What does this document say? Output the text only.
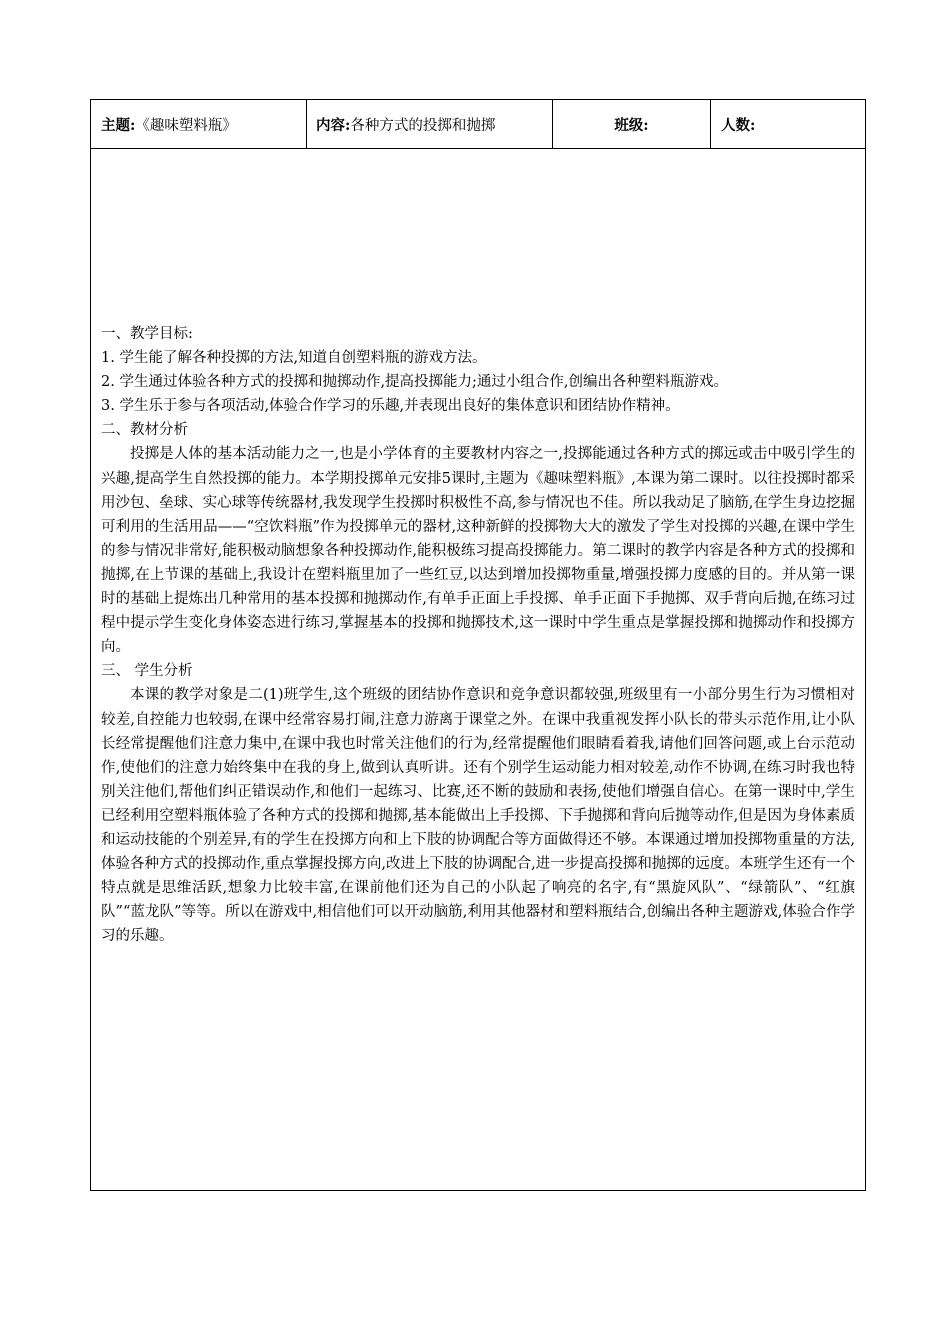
主题: 《趣味塑料瓶》	内容: 各种方式的投掷和抛掷	班级:	人数:

一、教学目标:

1. 学生能了解各种投掷的方法,知道自创塑料瓶的游戏方法。

2. 学生通过体验各种方式的投掷和抛掷动作,提高投掷能力;通过小组合作,创编出各种塑料瓶游戏。

3. 学生乐于参与各项活动,体验合作学习的乐趣,并表现出良好的集体意识和团结协作精神。

二、教材分析

投掷是人体的基本活动能力之一,也是小学体育的主要教材内容之一,投掷能通过各种方式的掷远或击中吸引学生的兴趣,提高学生自然投掷的能力。本学期投掷单元安排5课时,主题为《趣味塑料瓶》,本课为第二课时。以往投掷时都采用沙包、垒球、实心球等传统器材,我发现学生投掷时积极性不高,参与情况也不佳。所以我动足了脑筋,在学生身边挖掘可利用的生活用品——“空饮料瓶”作为投掷单元的器材,这种新鲜的投掷物大大的激发了学生对投掷的兴趣,在课中学生的参与情况非常好,能积极动脑想象各种投掷动作,能积极练习提高投掷能力。第二课时的教学内容是各种方式的投掷和抛掷,在上节课的基础上,我设计在塑料瓶里加了一些红豆,以达到增加投掷物重量,增强投掷力度感的目的。并从第一课时的基础上提炼出几种常用的基本投掷和抛掷动作,有单手正面上手投掷、单手正面下手抛掷、双手背向后抛,在练习过程中提示学生变化身体姿态进行练习,掌握基本的投掷和抛掷技术,这一课时中学生重点是掌握投掷和抛掷动作和投掷方向。

三、 学生分析

本课的教学对象是二(1)班学生,这个班级的团结协作意识和竞争意识都较强,班级里有一小部分男生行为习惯相对较差,自控能力也较弱,在课中经常容易打闹,注意力游离于课堂之外。在课中我重视发挥小队长的带头示范作用,让小队长经常提醒他们注意力集中,在课中我也时常关注他们的行为,经常提醒他们眼睛看着我,请他们回答问题,或上台示范动作,使他们的注意力始终集中在我的身上,做到认真听讲。还有个别学生运动能力相对较差,动作不协调,在练习时我也特别关注他们,帮他们纠正错误动作,和他们一起练习、比赛,还不断的鼓励和表扬,使他们增强自信心。在第一课时中,学生已经利用空塑料瓶体验了各种方式的投掷和抛掷,基本能做出上手投掷、下手抛掷和背向后抛等动作,但是因为身体素质和运动技能的个别差异,有的学生在投掷方向和上下肢的协调配合等方面做得还不够。本课通过增加投掷物重量的方法,体验各种方式的投掷动作,重点掌握投掷方向,改进上下肢的协调配合,进一步提高投掷和抛掷的远度。本班学生还有一个特点就是思维活跃,想象力比较丰富,在课前他们还为自己的小队起了响亮的名字,有“黑旋风队”、“绿箭队”、“红旗队”“蓝龙队”等等。所以在游戏中,相信他们可以开动脑筋,利用其他器材和塑料瓶结合,创编出各种主题游戏,体验合作学习的乐趣。
